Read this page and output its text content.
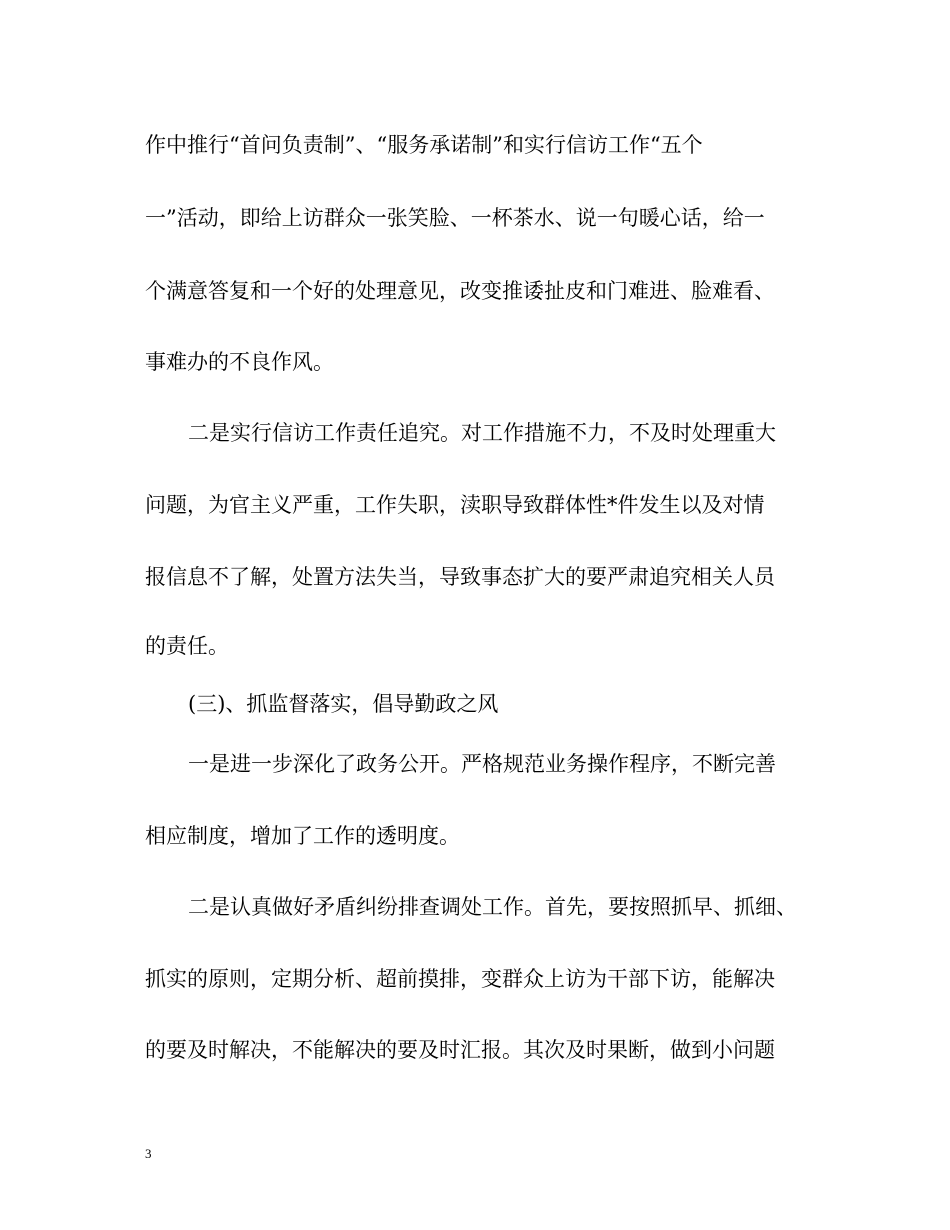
作中推行“首问负责制”、“服务承诺制”和实行信访工作“五个
一”活动，即给上访群众一张笑脸、一杯茶水、说一句暖心话，给一
个满意答复和一个好的处理意见，改变推诿扯皮和门难进、脸难看、
事难办的不良作风。
二是实行信访工作责任追究。对工作措施不力，不及时处理重大
问题，为官主义严重，工作失职，渎职导致群体性*件发生以及对情
报信息不了解，处置方法失当，导致事态扩大的要严肃追究相关人员
的责任。
(三)、抓监督落实，倡导勤政之风
一是进一步深化了政务公开。严格规范业务操作程序，不断完善
相应制度，增加了工作的透明度。
二是认真做好矛盾纠纷排查调处工作。首先，要按照抓早、抓细、
抓实的原则，定期分析、超前摸排，变群众上访为干部下访，能解决
的要及时解决，不能解决的要及时汇报。其次及时果断，做到小问题
3
